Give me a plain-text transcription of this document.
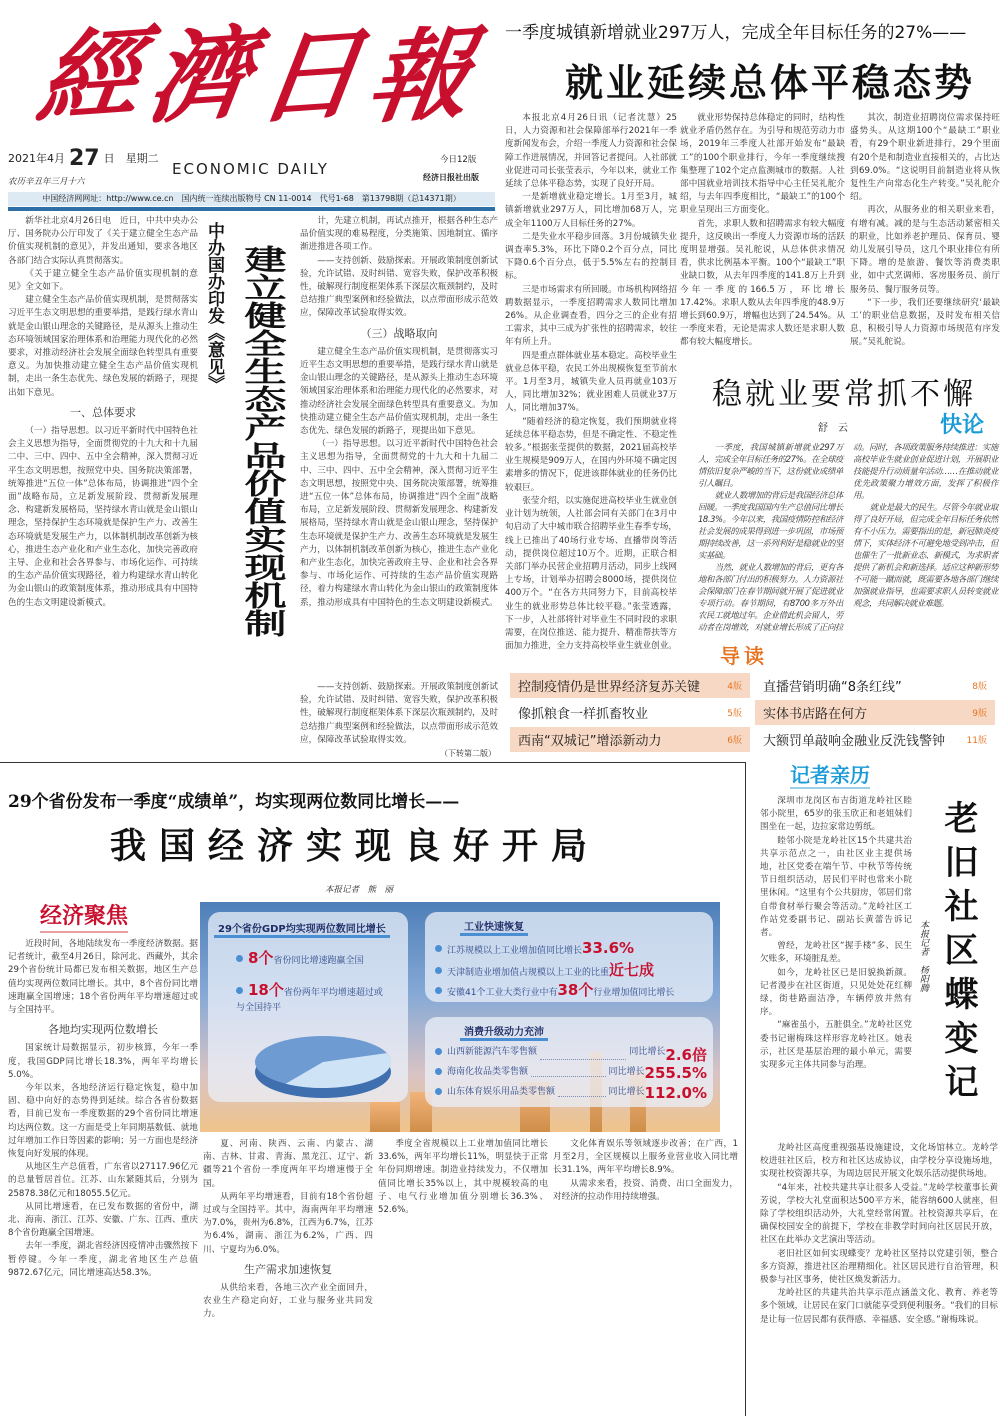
經
濟
日
報
2021年4月 27 日　星期二
农历辛丑年三月十六
ECONOMIC DAILY	今日12版
经济日报社出版
中国经济网网址：http://www.ce.cn　国内统一连续出版物号 CN 11-0014　代号1-68　第13798期（总14371期）
一季度城镇新增就业297万人，完成全年目标任务的27%——
就业延续总体平稳态势

本报北京4月26日讯（记者沈慧）25日，人力资源和社会保障部举行2021年一季度新闻发布会，介绍一季度人力资源和社会保障工作进展情况，并回答记者提问。人社部就业促进司司长张莹表示，今年以来，就业工作延续了总体平稳态势，实现了良好开局。

一是新增就业稳定增长。1月至3月，城镇新增就业297万人，同比增加68万人，完成全年1100万人目标任务的27%。

二是失业水平稳步回落。3月份城镇失业调查率5.3%，环比下降0.2个百分点，同比下降0.6个百分点，低于5.5%左右的控制目标。

三是市场需求有所回暖。市场机构网络招聘数据显示，一季度招聘需求人数同比增加26%。从企业调查看，四分之三的企业有招工需求，其中三成为扩张性的招聘需求，较往年有所上升。

四是重点群体就业基本稳定。高校毕业生就业总体平稳，农民工外出规模恢复至节前水平。1月至3月，城镇失业人员再就业103万人，同比增加32%；就业困难人员就业37万人，同比增加37%。

“随着经济的稳定恢复，我们预期就业将延续总体平稳态势，但是不确定性、不稳定性较多。”根据张莹提供的数据，2021届高校毕业生规模是909万人，在国内外环境不确定因素增多的情况下，促进该群体就业的任务仍比较艰巨。

张莹介绍，以实施促进高校毕业生就业创业计划为统领，人社部会同有关部门在3月中旬启动了大中城市联合招聘毕业生春季专场，线上已推出了40场行业专场、直播带岗等活动，提供岗位超过10万个。近期，正联合相关部门举办民营企业招聘月活动，同步上线网上专场，计划举办招聘会8000场，提供岗位400万个。“在各方共同努力下，目前高校毕业生的就业形势总体比较平稳。”张莹透露，下一步，人社部将针对毕业生不同时段的求职需要，在岗位推送、能力提升、精准帮扶等方面加力推进，全力支持高校毕业生就业创业。

就业形势保持总体稳定的同时，结构性就业矛盾仍然存在。为引导和规范劳动力市场，2019年三季度人社部开始发布“最缺工”的100个职业排行，今年一季度继续搜集整理了102个定点监测城市的数据。人社部中国就业培训技术指导中心主任吴礼舵介绍，与去年四季度相比，“最缺工”的100个职业呈现出三方面变化。

首先，求职人数和招聘需求有较大幅度提升，这反映出一季度人力资源市场的活跃度明显增强。吴礼舵说，从总体供求情况看，供求比例基本平衡。100个“最缺工”职业缺口数，从去年四季度的141.8万上升到今年一季度的166.5万，环比增长17.42%。求职人数从去年四季度的48.9万增长到60.9万，增幅也达到了24.54%。从一季度来看，无论是需求人数还是求职人数都有较大幅度增长。

其次，制造业招聘岗位需求保持旺盛势头。从这期100个“最缺工”职业看，有29个职业新进排行，29个里面有20个是和制造业直接相关的，占比达到69.0%。“这说明目前制造业将从恢复性生产向常态化生产转变。”吴礼舵介绍。

再次，从服务业的相关职业来看，有增有减。减的是与生态活动紧密相关的职业，比如养老护理员、保育员、婴幼儿发展引导员，这几个职业排位有所下降。增的是旅游、餐饮等消费类职业，如中式烹调师、客房服务员、前厅服务员、餐厅服务员等。

“下一步，我们还要继续研究‘最缺工’的职业信息数据，及时发布相关信息，积极引导人力资源市场规范有序发展。”吴礼舵说。

稳就业要常抓不懈
舒　云	快论

一季度，我国城镇新增就业297万人，完成全年目标任务的27%。在全球疫情依旧复杂严峻的当下，这份就业成绩单引人瞩目。

就业人数增加的背后是我国经济总体回暖。一季度我国国内生产总值同比增长18.3%。今年以来，我国疫情防控和经济社会发展的成果得到进一步巩固，市场预期持续改善，这一系列利好是稳就业的坚实基础。

当然，就业人数增加的背后，更有各地和各部门付出的积极努力。人力资源社会保障部门在春节期间就开展了促进就业专项行动。春节期间，有8700多万外出农民工就地过年。企业借此机会留人，劳动者在岗增效，对就业增长形成了正向拉动。同时，各项政策服务持续推进：实施高校毕业生就业创业促进计划，开展职业技能提升行动质量年活动……在推动就业优先政策聚力增效方面，发挥了积极作用。

就业是最大的民生。尽管今年就业取得了良好开局，但完成全年目标任务依然有不小压力。需要指出的是，新冠肺炎疫情下，实体经济不可避免地受到冲击，但也催生了一批新业态、新模式，为求职者提供了新机会和新选择。适应这种新形势不可能一蹴而就，既需要各地各部门继续加强就业指导，也需要求职人员转变就业观念，共同解决就业难题。

新华社北京4月26日电　近日，中共中央办公厅、国务院办公厅印发了《关于建立健全生态产品价值实现机制的意见》，并发出通知，要求各地区各部门结合实际认真贯彻落实。

《关于建立健全生态产品价值实现机制的意见》全文如下。

建立健全生态产品价值实现机制，是贯彻落实习近平生态文明思想的重要举措，是践行绿水青山就是金山银山理念的关键路径，是从源头上推动生态环境领域国家治理体系和治理能力现代化的必然要求，对推动经济社会发展全面绿色转型具有重要意义。为加快推动建立健全生态产品价值实现机制，走出一条生态优先、绿色发展的新路子，现提出如下意见。

一、总体要求

（一）指导思想。以习近平新时代中国特色社会主义思想为指导，全面贯彻党的十九大和十九届二中、三中、四中、五中全会精神，深入贯彻习近平生态文明思想，按照党中央、国务院决策部署，统筹推进“五位一体”总体布局，协调推进“四个全面”战略布局，立足新发展阶段、贯彻新发展理念、构建新发展格局，坚持绿水青山就是金山银山理念，坚持保护生态环境就是保护生产力、改善生态环境就是发展生产力，以体制机制改革创新为核心，推进生态产业化和产业生态化，加快完善政府主导、企业和社会各界参与、市场化运作、可持续的生态产品价值实现路径，着力构建绿水青山转化为金山银山的政策制度体系，推动形成具有中国特色的生态文明建设新模式。

中办国办印发《意见》 建立健全生态产品价值实现机制

计，先建立机制，再试点推开，根据各种生态产品价值实现的难易程度，分类施策、因地制宜、循序渐进推进各项工作。

——支持创新、鼓励探索。开展政策制度创新试验，允许试错、及时纠错、宽容失败，保护改革积极性，破解现行制度框架体系下深层次瓶颈制约，及时总结推广典型案例和经验做法，以点带面形成示范效应，保障改革试验取得实效。

（三）战略取向

建立健全生态产品价值实现机制，是贯彻落实习近平生态文明思想的重要举措，是践行绿水青山就是金山银山理念的关键路径，是从源头上推动生态环境领域国家治理体系和治理能力现代化的必然要求，对推动经济社会发展全面绿色转型具有重要意义。为加快推动建立健全生态产品价值实现机制，走出一条生态优先、绿色发展的新路子，现提出如下意见。

（一）指导思想。以习近平新时代中国特色社会主义思想为指导，全面贯彻党的十九大和十九届二中、三中、四中、五中全会精神，深入贯彻习近平生态文明思想，按照党中央、国务院决策部署，统筹推进“五位一体”总体布局，协调推进“四个全面”战略布局，立足新发展阶段、贯彻新发展理念、构建新发展格局，坚持绿水青山就是金山银山理念，坚持保护生态环境就是保护生产力、改善生态环境就是发展生产力，以体制机制改革创新为核心，推进生态产业化和产业生态化，加快完善政府主导、企业和社会各界参与、市场化运作、可持续的生态产品价值实现路径，着力构建绿水青山转化为金山银山的政策制度体系，推动形成具有中国特色的生态文明建设新模式。

——支持创新、鼓励探索。开展政策制度创新试验，允许试错、及时纠错、宽容失败，保护改革积极性，破解现行制度框架体系下深层次瓶颈制约，及时总结推广典型案例和经验做法，以点带面形成示范效应，保障改革试验取得实效。

（下转第二版）
导读
控制疫情仍是世界经济复苏关键	4版
像抓粮食一样抓畜牧业	5版
西南“双城记”增添新动力	6版
直播营销明确“8条红线”	8版
实体书店路在何方	9版
大额罚单敲响金融业反洗钱警钟 11版
29个省份发布一季度“成绩单”，均实现两位数同比增长——
我国经济实现良好开局
本报记者　熊　丽
经济聚焦

近段时间，各地陆续发布一季度经济数据。据记者统计，截至4月26日，除河北、西藏外，其余29个省份统计局都已发布相关数据，地区生产总值均实现两位数同比增长。其中，8个省份同比增速跑赢全国增速；18个省份两年平均增速超过或与全国持平。

各地均实现两位数增长

国家统计局数据显示，初步核算，今年一季度，我国GDP同比增长18.3%，两年平均增长5.0%。

今年以来，各地经济运行稳定恢复，稳中加固、稳中向好的态势得到延续。综合各省份数据看，目前已发布一季度数据的29个省份同比增速均达两位数。这一方面是受上年同期基数低、就地过年增加工作日等因素的影响；另一方面也是经济恢复向好发展的体现。

从地区生产总值看，广东省以27117.96亿元的总量暂居首位。江苏、山东紧随其后，分别为25878.38亿元和18055.5亿元。

从同比增速看，在已发布数据的省份中，湖北、海南、浙江、江苏、安徽、广东、江西、重庆8个省份跑赢全国增速。

去年一季度，湖北省经济因疫情冲击骤然按下暂停键。今年一季度，湖北省地区生产总值9872.67亿元，同比增速高达58.3%。

夏、河南、陕西、云南、内蒙古、湖南、吉林、甘肃、青海、黑龙江、辽宁、新疆等21个省份一季度两年平均增速慢于全国。

从两年平均增速看，目前有18个省份超过或与全国持平。其中，海南两年平均增速为7.0%，贵州为6.8%，江西为6.7%，江苏为6.4%，湖南、浙江为6.2%，广西、四川、宁夏均为6.0%。

生产需求加速恢复

从供给来看，各地三次产业全面回升，农业生产稳定向好，工业与服务业共同发力。

季度全省规模以上工业增加值同比增长33.6%，两年平均增长11%，明显快于正常年份同期增速。制造业持续发力，不仅增加值同比增长35%以上，其中规模较高的电子、电气行业增加值分别增长36.3%、52.6%。

文化体育娱乐等领域逐步改善；在广西，1月至2月，全区规模以上服务业营业收入同比增长31.1%，两年平均增长8.9%。

从需求来看，投资、消费、出口全面发力，对经济的拉动作用持续增强。

29个省份GDP均实现两位数同比增长
8个省份同比增速跑赢全国
18个省份两年平均增速超过或与全国持平
工业快速恢复
江苏规模以上工业增加值同比增长33.6%
天津制造业增加值占规模以上工业的比重近七成
安徽41个工业大类行业中有38个行业增加值同比增长
消费升级动力充沛
山西新能源汽车零售额	同比增长 2.6倍
海南化妆品类零售额	同比增长 255.5%
山东体育娱乐用品类零售额	同比增长 112.0%
记者亲历

深圳市龙岗区布吉街道龙岭社区睦邻小院里，65岁的张玉欣正和老姐妹们围坐在一起，边拉家常边剪纸。

睦邻小院是龙岭社区15个共建共治共享示范点之一，由社区业主提供场地，社区党委在端午节、中秋节等传统节日组织活动，居民们平时也常来小院里休闲。“这里有个公共厨房，邻居们常自带食材举行聚会等活动。”龙岭社区工作站党委副书记、副站长黄蕾告诉记者。

曾经，龙岭社区“握手楼”多、民生欠账多，环境脏乱差。

如今，龙岭社区已是旧貌换新颜。记者漫步在社区街道，只见处处花红柳绿，街巷路面洁净，车辆停放井然有序。

“麻雀虽小，五脏俱全。”龙岭社区党委书记谢梅珠这样形容龙岭社区。她表示，社区是基层治理的最小单元，需要实现多元主体共同参与治理。

本报记者　杨阳腾 老旧社区蝶变记

龙岭社区高度重视强基设施建设，文化场馆林立。龙岭学校进驻社区后，校方和社区达成协议，由学校分享设施场地，实现社校资源共享，为周边居民开展文化娱乐活动提供场地。

“4年来，社校共建共享让很多人受益。”龙岭学校董事长黄芳说，学校大礼堂面积达500平方米，能容纳600人就座，但除了学校组织活动外，大礼堂经常闲置。社校资源共享后，在确保校园安全的前提下，学校在非教学时间向社区居民开放，社区在此举办文艺演出等活动。

老旧社区如何实现蝶变？龙岭社区坚持以党建引领，整合多方资源，推进社区治理精细化。社区居民进行自治管理，积极参与社区事务，使社区焕发新活力。

龙岭社区的共建共治共享示范点涵盖文化、教育、养老等多个领域，让居民在家门口就能享受到便利服务。“我们的目标是让每一位居民都有获得感、幸福感、安全感。”谢梅珠说。
